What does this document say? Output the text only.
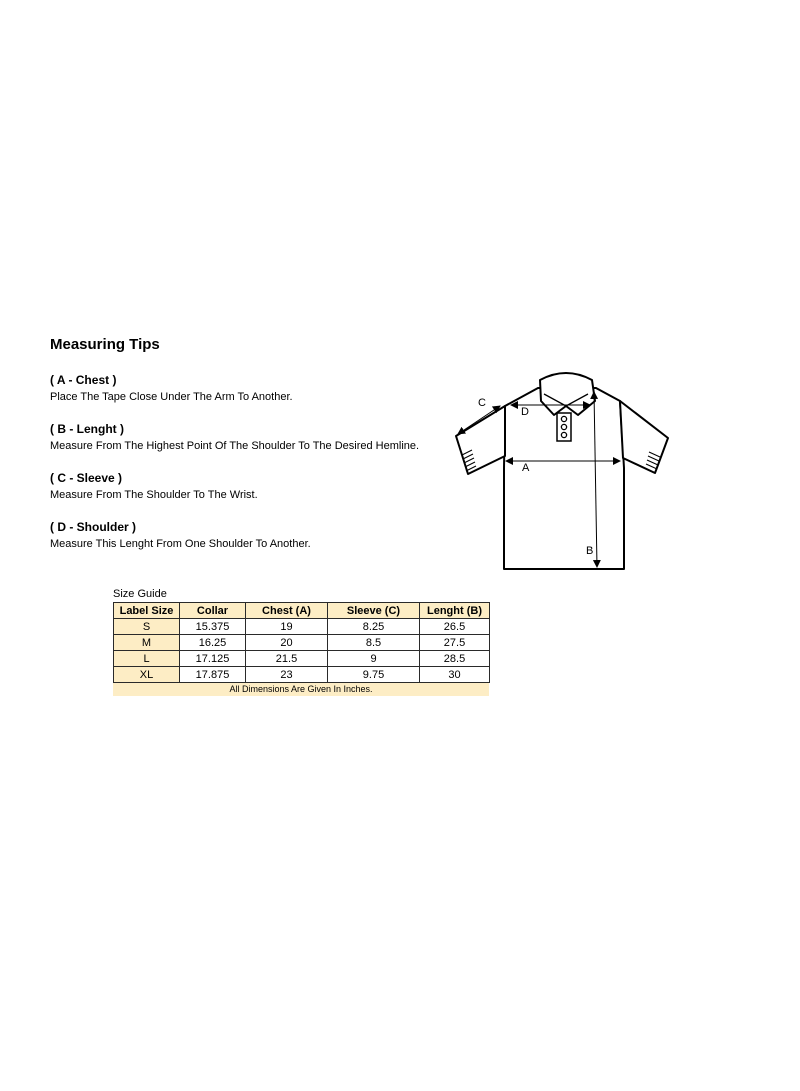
Measuring Tips
( A - Chest )
Place The Tape Close Under The Arm To Another.
( B - Lenght )
Measure From The Highest Point Of The Shoulder To The Desired Hemline.
( C - Sleeve )
Measure From The Shoulder To The Wrist.
( D - Shoulder )
Measure This Lenght From One Shoulder To Another.
C
D
A
B
Size Guide
Label Size	Collar	Chest (A)	Sleeve (C)	Lenght (B)
S	15.375	19	8.25	26.5
M	16.25	20	8.5	27.5
L	17.125	21.5	9	28.5
XL	17.875	23	9.75	30
All Dimensions Are Given In Inches.
